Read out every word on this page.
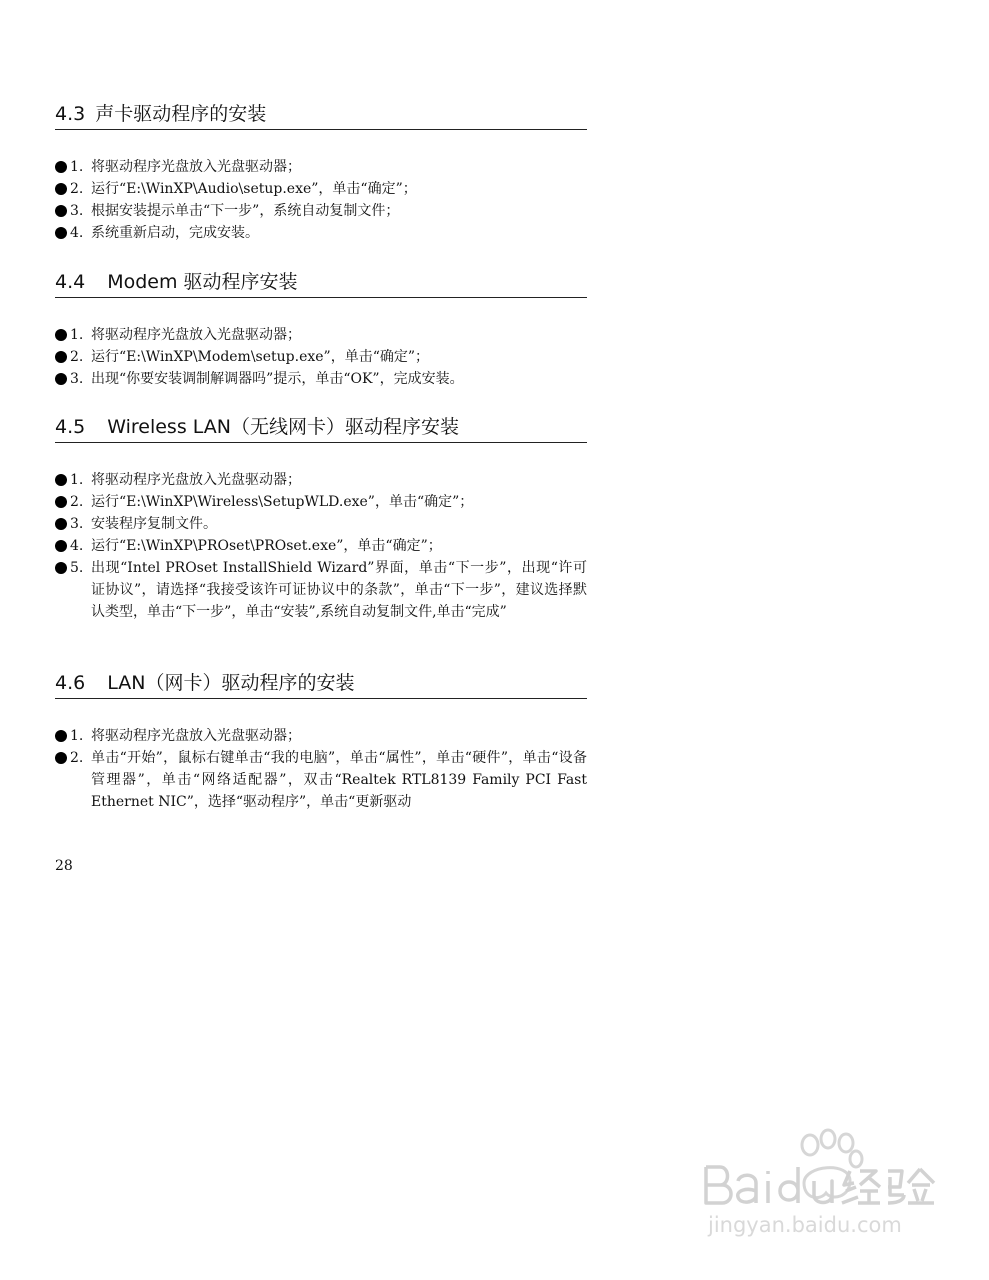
4.3 声卡驱动程序的安装
1. 将驱动程序光盘放入光盘驱动器；
2. 运行“E:\WinXP\Audio\setup.exe”，单击“确定”；
3. 根据安装提示单击“下一步”，系统自动复制文件；
4. 系统重新启动，完成安装。
4.4 Modem 驱动程序安装
1. 将驱动程序光盘放入光盘驱动器；
2. 运行“E:\WinXP\Modem\setup.exe”，单击“确定”；
3. 出现“你要安装调制解调器吗”提示，单击“OK”，完成安装。
4.5 Wireless LAN（无线网卡）驱动程序安装
1. 将驱动程序光盘放入光盘驱动器；
2. 运行“E:\WinXP\Wireless\SetupWLD.exe”，单击“确定”；
3. 安装程序复制文件。
4. 运行“E:\WinXP\PROset\PROset.exe”，单击“确定”；
5. 出现“Intel PROset InstallShield Wizard”界面，单击“下一步”，出现“许可证协议”，请选择“我接受该许可证协议中的条款”，单击“下一步”，建议选择默认类型，单击“下一步”，单击“安装”,系统自动复制文件,单击“完成”
4.6 LAN（网卡）驱动程序的安装
1. 将驱动程序光盘放入光盘驱动器；
2. 单击“开始”，鼠标右键单击“我的电脑”，单击“属性”，单击“硬件”，单击“设备管理器”，单击“网络适配器”，双击“Realtek RTL8139 Family PCI Fast Ethernet NIC”，选择“驱动程序”，单击“更新驱动
28
jingyan.baidu.com
